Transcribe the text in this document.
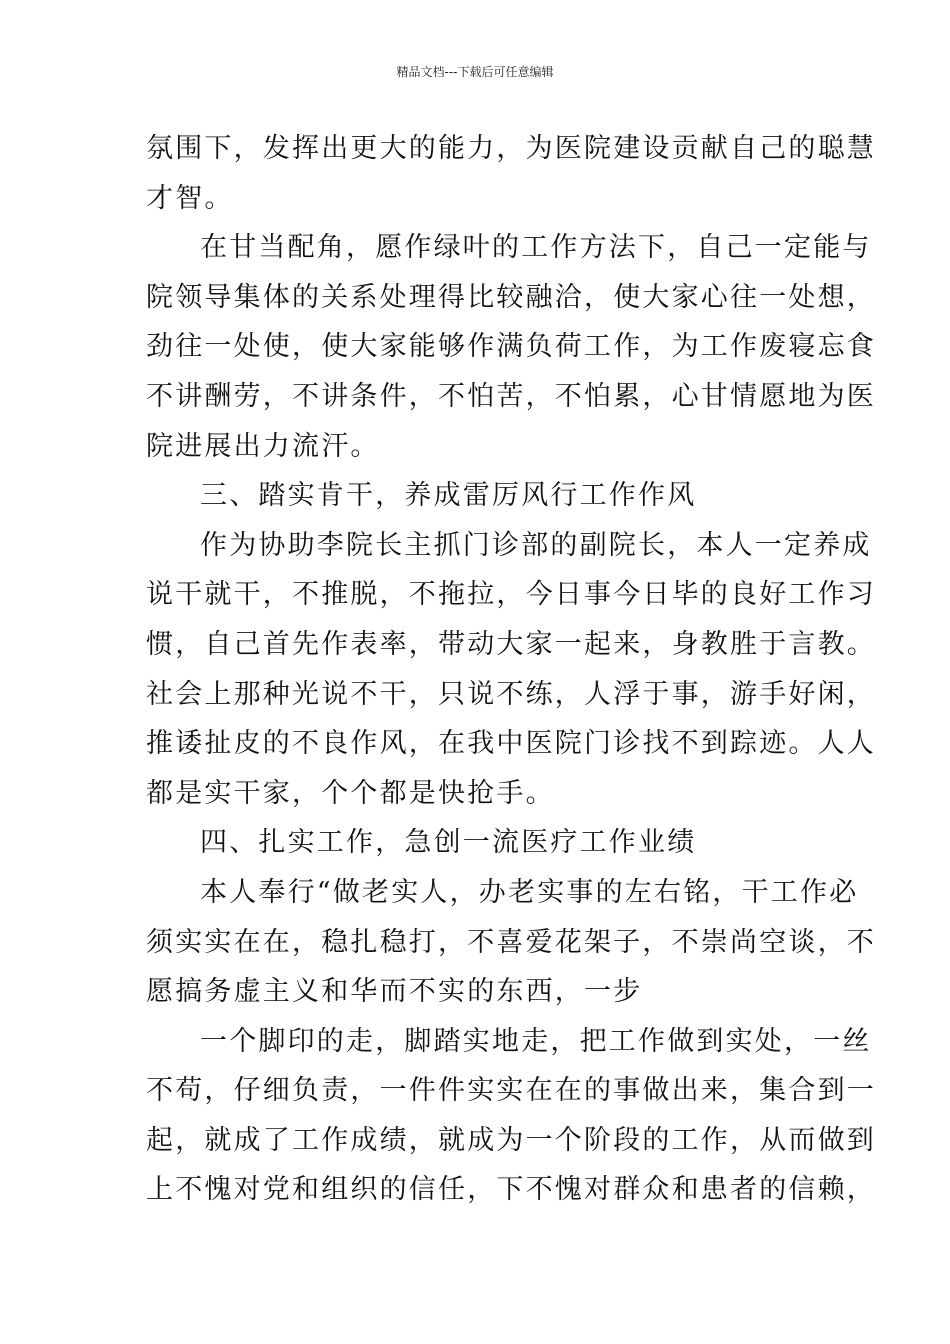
精品文档---下载后可任意编辑

氛围下，发挥出更大的能力，为医院建设贡献自己的聪慧
才智。

在甘当配角，愿作绿叶的工作方法下，自己一定能与
院领导集体的关系处理得比较融洽，使大家心往一处想，
劲往一处使，使大家能够作满负荷工作，为工作废寝忘食
不讲酬劳，不讲条件，不怕苦，不怕累，心甘情愿地为医
院进展出力流汗。

三、踏实肯干，养成雷厉风行工作作风

作为协助李院长主抓门诊部的副院长，本人一定养成
说干就干，不推脱，不拖拉，今日事今日毕的良好工作习
惯，自己首先作表率，带动大家一起来，身教胜于言教。
社会上那种光说不干，只说不练，人浮于事，游手好闲，
推诿扯皮的不良作风，在我中医院门诊找不到踪迹。人人
都是实干家，个个都是快抢手。

四、扎实工作，急创一流医疗工作业绩

本人奉行“做老实人，办老实事的左右铭，干工作必
须实实在在，稳扎稳打，不喜爱花架子，不崇尚空谈，不
愿搞务虚主义和华而不实的东西，一步

一个脚印的走，脚踏实地走，把工作做到实处，一丝
不苟，仔细负责，一件件实实在在的事做出来，集合到一
起，就成了工作成绩，就成为一个阶段的工作，从而做到
上不愧对党和组织的信任，下不愧对群众和患者的信赖，
